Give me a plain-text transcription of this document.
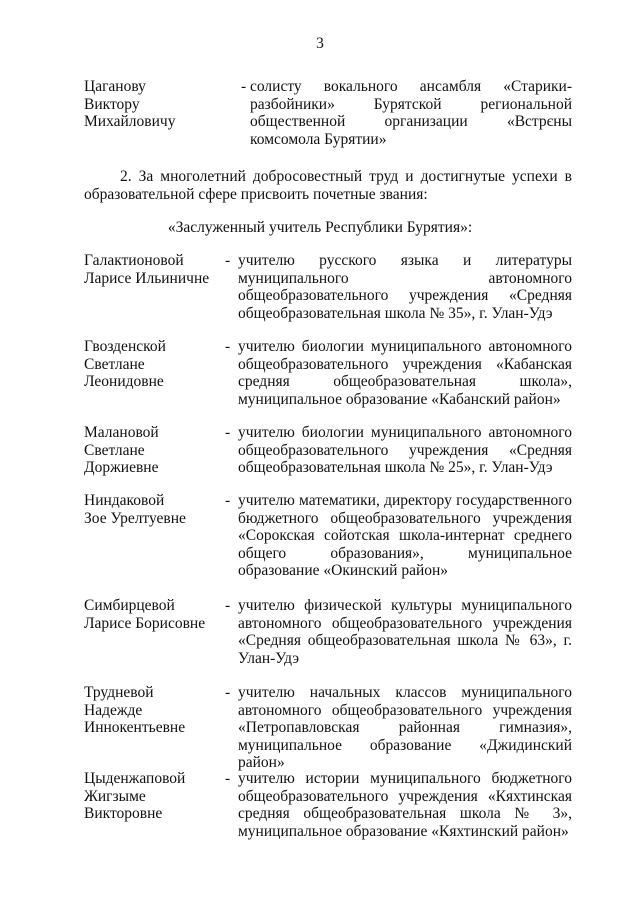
3
Цаганову
Виктору
Михайловичу
- солисту вокального ансамбля «Старики-разбойники» Бурятской региональной общественной организации «Встрєны комсомола Бурятии»
2. За многолетний добросовестный труд и достигнутые успехи в образовательной сфере присвоить почетные звания:
«Заслуженный учитель Республики Бурятия»:
Галактионовой
Ларисе Ильиничне
- учителю русского языка и литературы муниципального автономного общеобразовательного учреждения «Средняя общеобразовательная школа № 35», г. Улан-Удэ
Гвозденской
Светлане
Леонидовне
- учителю биологии муниципального автономного общеобразовательного учреждения «Кабанская средняя общеобразовательная школа», муниципальное образование «Кабанский район»
Малановой
Светлане
Доржиевне
- учителю биологии муниципального автономного общеобразовательного учреждения «Средняя общеобразовательная школа № 25», г. Улан-Удэ
Ниндаковой
Зое Урелтуевне
- учителю математики, директору государственного бюджетного общеобразовательного учреждения «Сорокская сойотская школа-интернат среднего общего образования», муниципальное образование «Окинский район»
Симбирцевой
Ларисе Борисовне
- учителю физической культуры муниципального автономного общеобразовательного учреждения «Средняя общеобразовательная школа № 63», г. Улан-Удэ
Трудневой
Надежде
Иннокентьевне
- учителю начальных классов муниципального автономного общеобразовательного учреждения «Петропавловская районная гимназия», муниципальное образование «Джидинский район»
Цыденжаповой
Жигзыме
Викторовне
- учителю истории муниципального бюджетного общеобразовательного учреждения «Кяхтинская средняя общеобразовательная школа № 3», муниципальное образование «Кяхтинский район»
